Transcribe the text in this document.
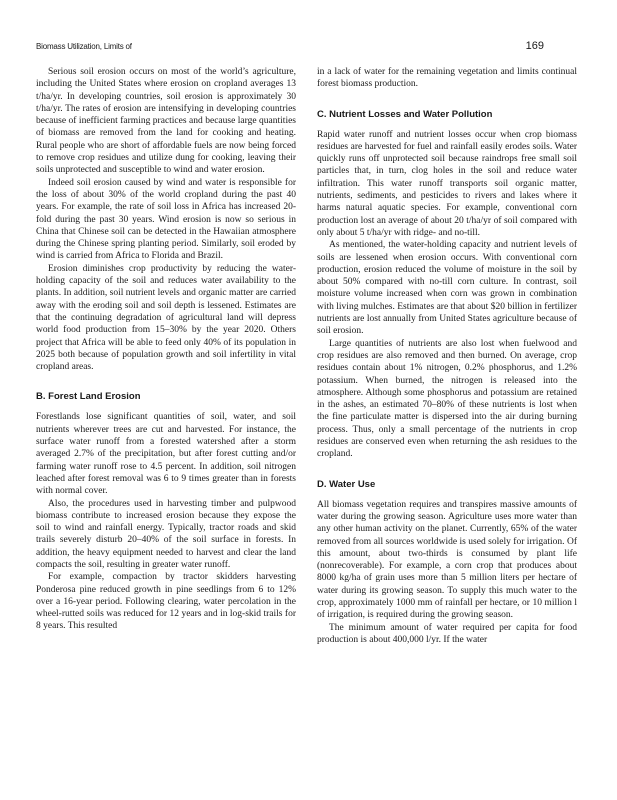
Biomass Utilization, Limits of	169

Serious soil erosion occurs on most of the world’s agriculture, including the United States where erosion on cropland averages 13 t/ha/yr. In developing countries, soil erosion is approximately 30 t/ha/yr. The rates of erosion are intensifying in developing countries because of inefficient farming practices and because large quantities of biomass are removed from the land for cooking and heating. Rural people who are short of affordable fuels are now being forced to remove crop residues and utilize dung for cooking, leaving their soils unprotected and susceptible to wind and water erosion.

Indeed soil erosion caused by wind and water is responsible for the loss of about 30% of the world cropland during the past 40 years. For example, the rate of soil loss in Africa has increased 20-fold during the past 30 years. Wind erosion is now so serious in China that Chinese soil can be detected in the Hawaiian atmosphere during the Chinese spring planting period. Similarly, soil eroded by wind is carried from Africa to Florida and Brazil.

Erosion diminishes crop productivity by reducing the water-holding capacity of the soil and reduces water availability to the plants. In addition, soil nutrient levels and organic matter are carried away with the eroding soil and soil depth is lessened. Estimates are that the continuing degradation of agricultural land will depress world food production from 15–30% by the year 2020. Others project that Africa will be able to feed only 40% of its population in 2025 both because of population growth and soil infertility in vital cropland areas.

B. Forest Land Erosion

Forestlands lose significant quantities of soil, water, and soil nutrients wherever trees are cut and harvested. For instance, the surface water runoff from a forested watershed after a storm averaged 2.7% of the precipitation, but after forest cutting and/or farming water runoff rose to 4.5 percent. In addition, soil nitrogen leached after forest removal was 6 to 9 times greater than in forests with normal cover.

Also, the procedures used in harvesting timber and pulpwood biomass contribute to increased erosion because they expose the soil to wind and rainfall energy. Typically, tractor roads and skid trails severely disturb 20–40% of the soil surface in forests. In addition, the heavy equipment needed to harvest and clear the land compacts the soil, resulting in greater water runoff.

For example, compaction by tractor skidders harvesting Ponderosa pine reduced growth in pine seedlings from 6 to 12% over a 16-year period. Following clearing, water percolation in the wheel-rutted soils was reduced for 12 years and in log-skid trails for 8 years. This resulted

in a lack of water for the remaining vegetation and limits continual forest biomass production.

C. Nutrient Losses and Water Pollution

Rapid water runoff and nutrient losses occur when crop biomass residues are harvested for fuel and rainfall easily erodes soils. Water quickly runs off unprotected soil because raindrops free small soil particles that, in turn, clog holes in the soil and reduce water infiltration. This water runoff transports soil organic matter, nutrients, sediments, and pesticides to rivers and lakes where it harms natural aquatic species. For example, conventional corn production lost an average of about 20 t/ha/yr of soil compared with only about 5 t/ha/yr with ridge- and no-till.

As mentioned, the water-holding capacity and nutrient levels of soils are lessened when erosion occurs. With conventional corn production, erosion reduced the volume of moisture in the soil by about 50% compared with no-till corn culture. In contrast, soil moisture volume increased when corn was grown in combination with living mulches. Estimates are that about $20 billion in fertilizer nutrients are lost annually from United States agriculture because of soil erosion.

Large quantities of nutrients are also lost when fuelwood and crop residues are also removed and then burned. On average, crop residues contain about 1% nitrogen, 0.2% phosphorus, and 1.2% potassium. When burned, the nitrogen is released into the atmosphere. Although some phosphorus and potassium are retained in the ashes, an estimated 70–80% of these nutrients is lost when the fine particulate matter is dispersed into the air during burning process. Thus, only a small percentage of the nutrients in crop residues are conserved even when returning the ash residues to the cropland.

D. Water Use

All biomass vegetation requires and transpires massive amounts of water during the growing season. Agriculture uses more water than any other human activity on the planet. Currently, 65% of the water removed from all sources worldwide is used solely for irrigation. Of this amount, about two-thirds is consumed by plant life (nonrecoverable). For example, a corn crop that produces about 8000 kg/ha of grain uses more than 5 million liters per hectare of water during its growing season. To supply this much water to the crop, approximately 1000 mm of rainfall per hectare, or 10 million l of irrigation, is required during the growing season.

The minimum amount of water required per capita for food production is about 400,000 l/yr. If the water
